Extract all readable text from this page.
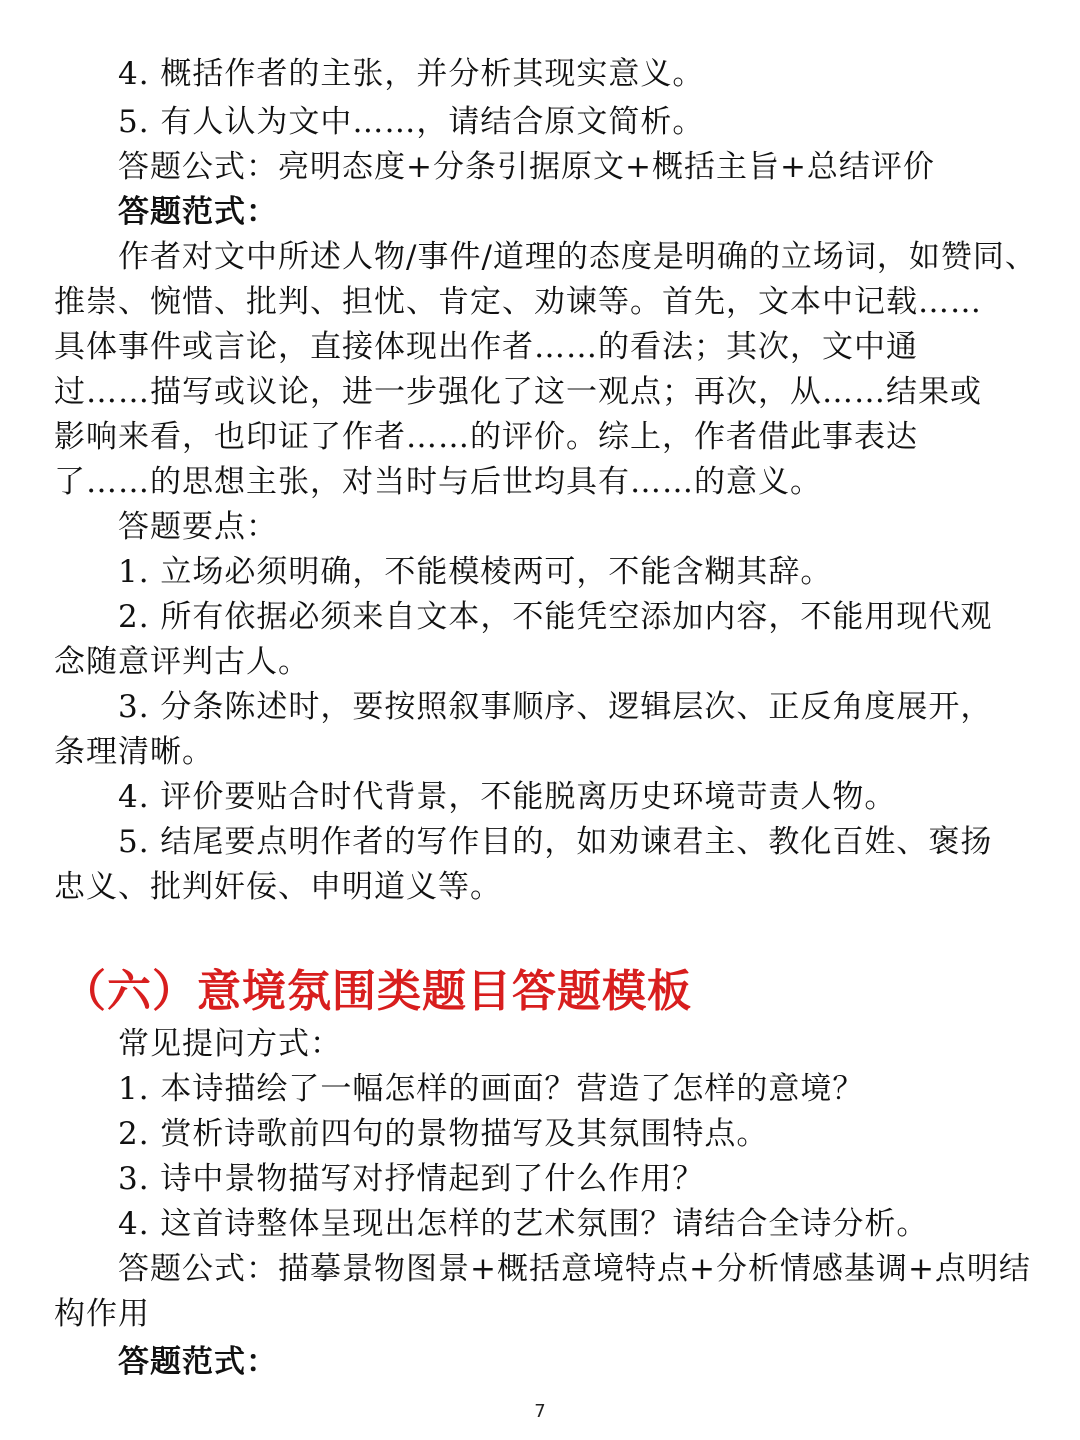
4. 概括作者的主张，并分析其现实意义。
5. 有人认为文中……，请结合原文简析。
答题公式：亮明态度+分条引据原文+概括主旨+总结评价
答题范式：
作者对文中所述人物/事件/道理的态度是明确的立场词，如赞同、
推崇、惋惜、批判、担忧、肯定、劝谏等。首先，文本中记载……
具体事件或言论，直接体现出作者……的看法；其次，文中通
过……描写或议论，进一步强化了这一观点；再次，从……结果或
影响来看，也印证了作者……的评价。综上，作者借此事表达
了……的思想主张，对当时与后世均具有……的意义。
答题要点：
1. 立场必须明确，不能模棱两可，不能含糊其辞。
2. 所有依据必须来自文本，不能凭空添加内容，不能用现代观
念随意评判古人。
3. 分条陈述时，要按照叙事顺序、逻辑层次、正反角度展开，
条理清晰。
4. 评价要贴合时代背景，不能脱离历史环境苛责人物。
5. 结尾要点明作者的写作目的，如劝谏君主、教化百姓、褒扬
忠义、批判奸佞、申明道义等。
（六）意境氛围类题目答题模板
常见提问方式：
1. 本诗描绘了一幅怎样的画面？营造了怎样的意境？
2. 赏析诗歌前四句的景物描写及其氛围特点。
3. 诗中景物描写对抒情起到了什么作用？
4. 这首诗整体呈现出怎样的艺术氛围？请结合全诗分析。
答题公式：描摹景物图景+概括意境特点+分析情感基调+点明结
构作用
答题范式：
7
